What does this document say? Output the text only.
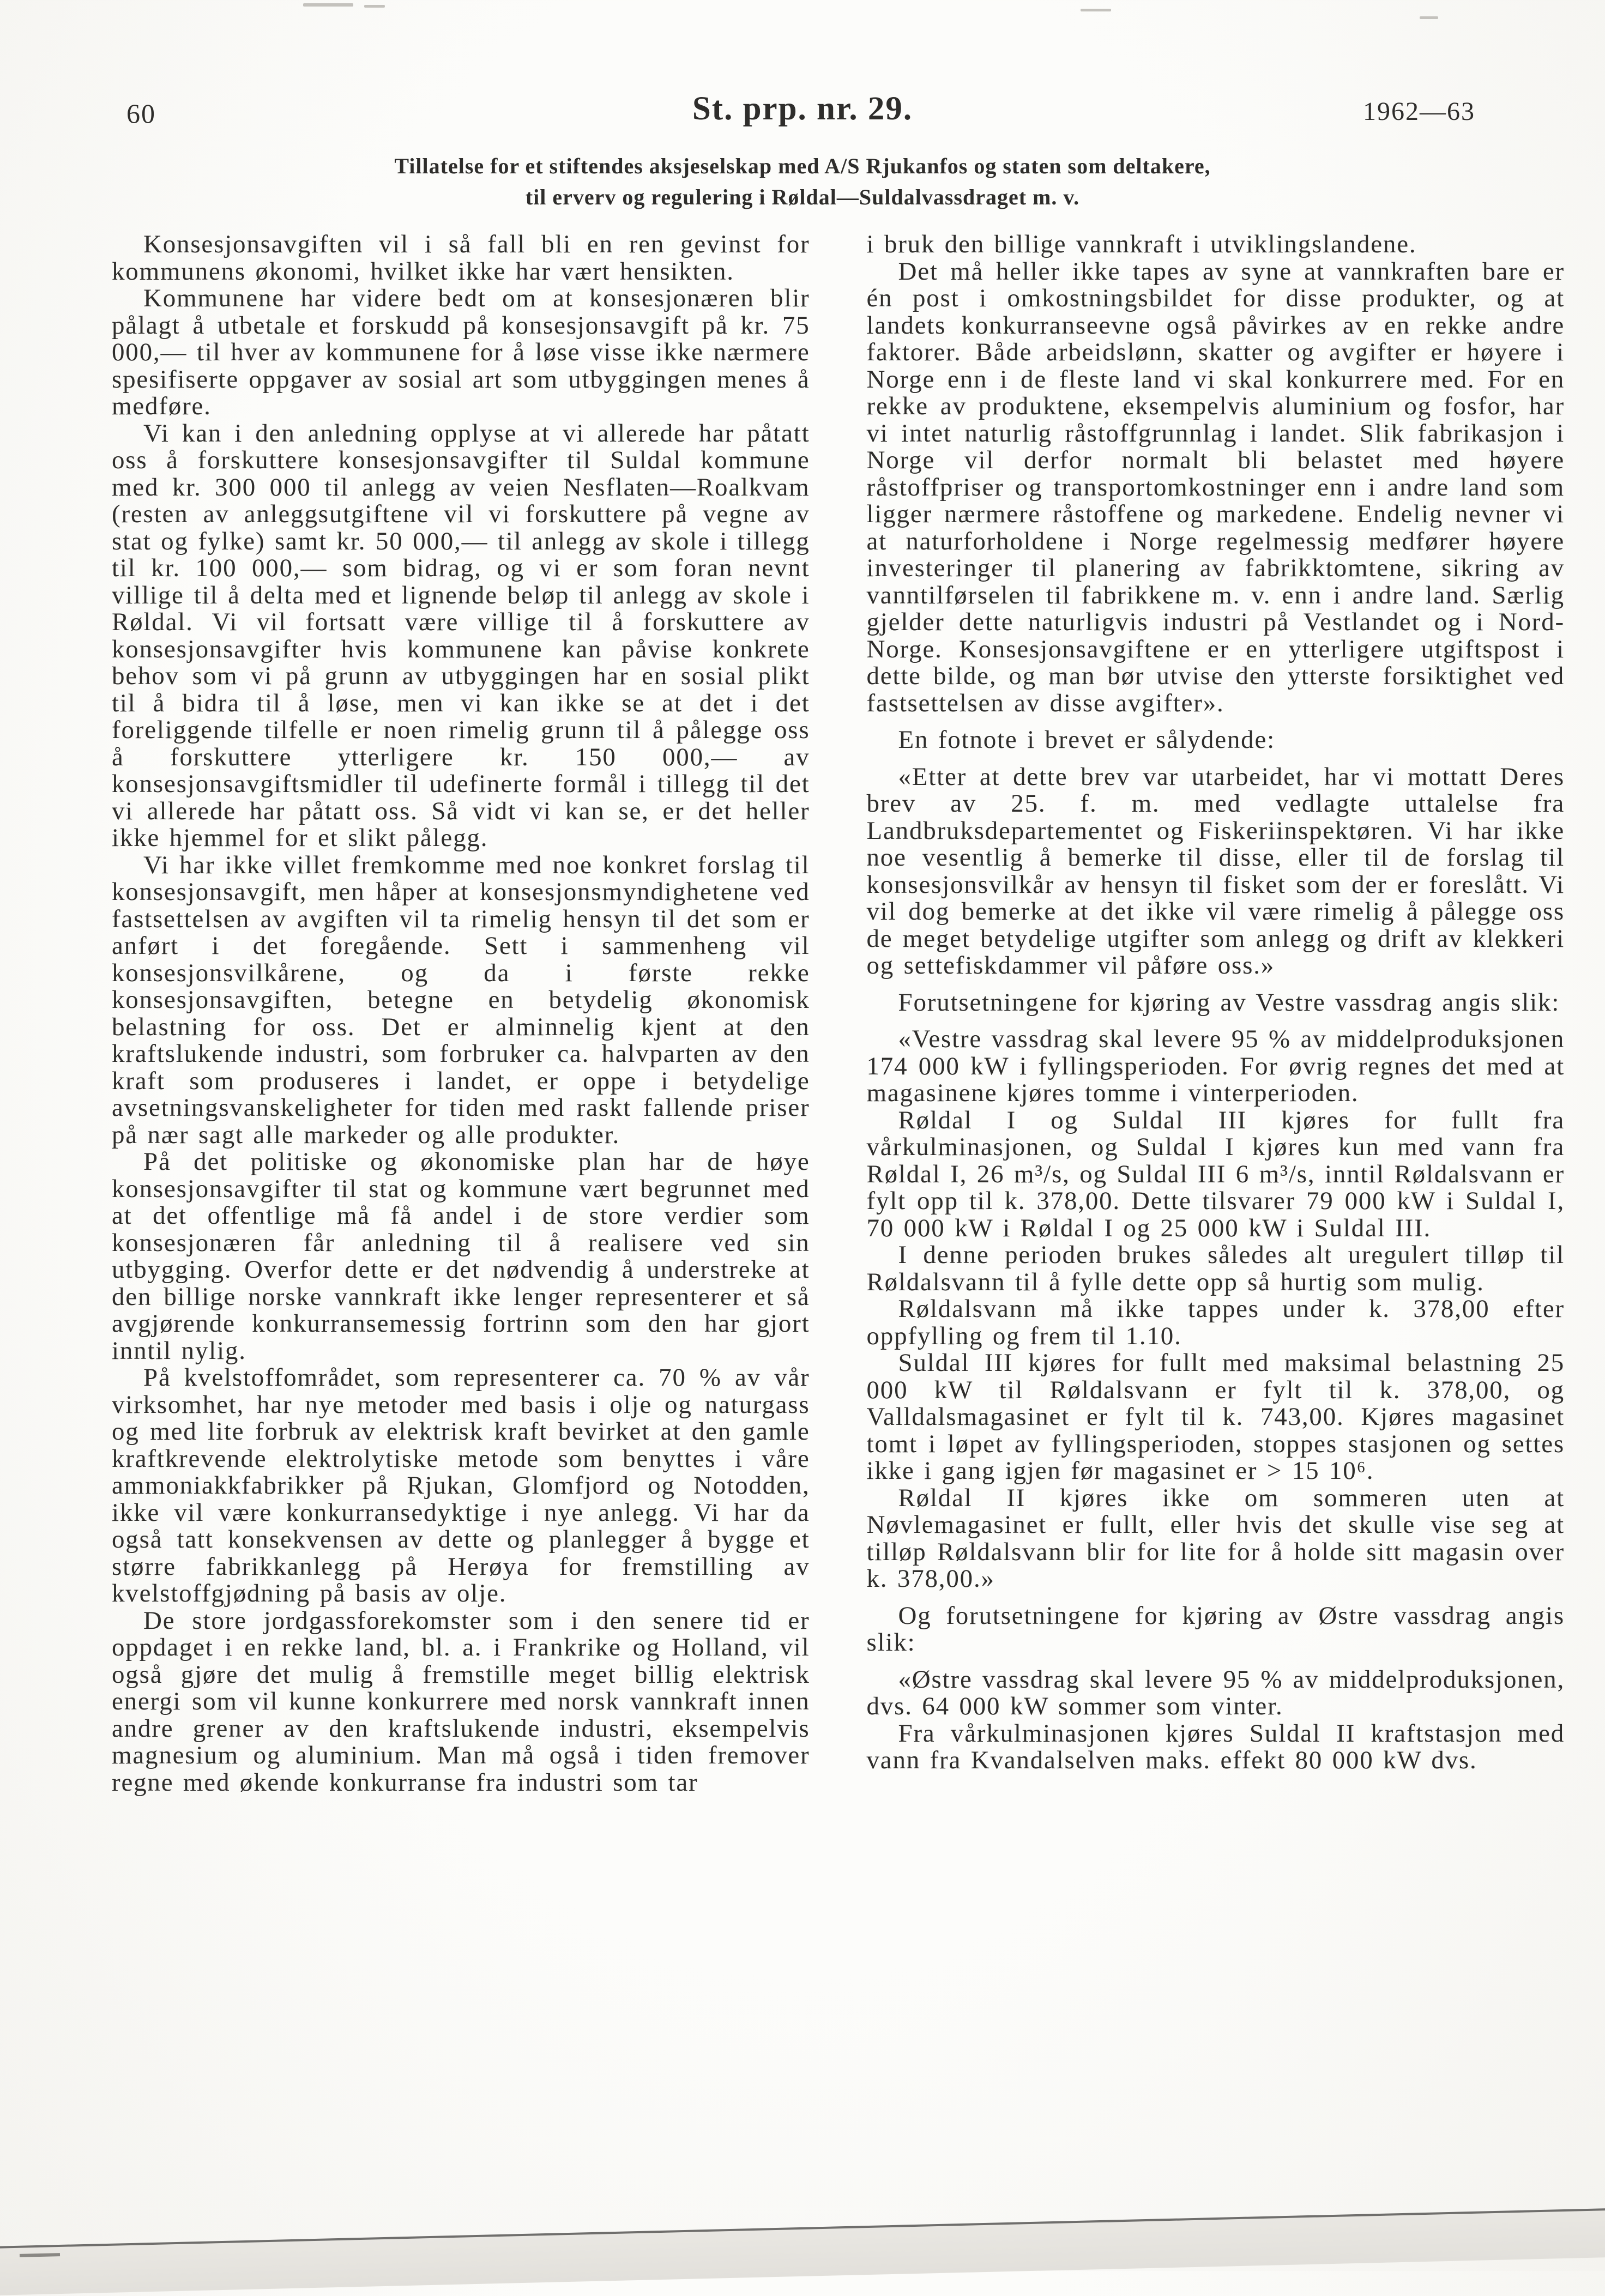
60	St. prp. nr. 29.	1962—63
Tillatelse for et stiftendes aksjeselskap med A/S Rjukanfos og staten som deltakere,
til erverv og regulering i Røldal—Suldalvassdraget m. v.

Konsesjonsavgiften vil i så fall bli en ren gevinst for kommunens økonomi, hvilket ikke har vært hensikten.

Kommunene har videre bedt om at konsesjonæren blir pålagt å utbetale et forskudd på konsesjonsavgift på kr. 75 000,— til hver av kommunene for å løse visse ikke nærmere spesifiserte oppgaver av sosial art som utbyggingen menes å medføre.

Vi kan i den anledning opplyse at vi allerede har påtatt oss å forskuttere konsesjonsavgifter til Suldal kommune med kr. 300 000 til anlegg av veien Nesflaten—Roalkvam (resten av anleggsutgiftene vil vi forskuttere på vegne av stat og fylke) samt kr. 50 000,— til anlegg av skole i tillegg til kr. 100 000,— som bidrag, og vi er som foran nevnt villige til å delta med et lignende beløp til anlegg av skole i Røldal. Vi vil fortsatt være villige til å forskuttere av konsesjonsavgifter hvis kommunene kan påvise konkrete behov som vi på grunn av utbyggingen har en sosial plikt til å bidra til å løse, men vi kan ikke se at det i det foreliggende tilfelle er noen rimelig grunn til å pålegge oss å forskuttere ytterligere kr. 150 000,— av konsesjonsavgiftsmidler til udefinerte formål i tillegg til det vi allerede har påtatt oss. Så vidt vi kan se, er det heller ikke hjemmel for et slikt pålegg.

Vi har ikke villet fremkomme med noe konkret forslag til konsesjonsavgift, men håper at konsesjonsmyndighetene ved fastsettelsen av avgiften vil ta rimelig hensyn til det som er anført i det foregående. Sett i sammenheng vil konsesjonsvilkårene, og da i første rekke konsesjonsavgiften, betegne en betydelig økonomisk belastning for oss. Det er alminnelig kjent at den kraftslukende industri, som forbruker ca. halvparten av den kraft som produseres i landet, er oppe i betydelige avsetningsvanskeligheter for tiden med raskt fallende priser på nær sagt alle markeder og alle produkter.

På det politiske og økonomiske plan har de høye konsesjonsavgifter til stat og kommune vært begrunnet med at det offentlige må få andel i de store verdier som konsesjonæren får anledning til å realisere ved sin utbygging. Overfor dette er det nødvendig å understreke at den billige norske vannkraft ikke lenger representerer et så avgjørende konkurransemessig fortrinn som den har gjort inntil nylig.

På kvelstoffområdet, som representerer ca. 70 % av vår virksomhet, har nye metoder med basis i olje og naturgass og med lite forbruk av elektrisk kraft bevirket at den gamle kraftkrevende elektrolytiske metode som benyttes i våre ammoniakkfabrikker på Rjukan, Glomfjord og Notodden, ikke vil være konkurransedyktige i nye anlegg. Vi har da også tatt konsekvensen av dette og planlegger å bygge et større fabrikkanlegg på Herøya for fremstilling av kvelstoffgjødning på basis av olje.

De store jordgassforekomster som i den senere tid er oppdaget i en rekke land, bl. a. i Frankrike og Holland, vil også gjøre det mulig å fremstille meget billig elektrisk energi som vil kunne konkurrere med norsk vannkraft innen andre grener av den kraftslukende industri, eksempelvis magnesium og aluminium. Man må også i tiden fremover regne med økende konkurranse fra industri som tar

i bruk den billige vannkraft i utviklingslandene.

Det må heller ikke tapes av syne at vannkraften bare er én post i omkostningsbildet for disse produkter, og at landets konkurranseevne også påvirkes av en rekke andre faktorer. Både arbeidslønn, skatter og avgifter er høyere i Norge enn i de fleste land vi skal konkurrere med. For en rekke av produktene, eksempelvis aluminium og fosfor, har vi intet naturlig råstoffgrunnlag i landet. Slik fabrikasjon i Norge vil derfor normalt bli belastet med høyere råstoffpriser og transportomkostninger enn i andre land som ligger nærmere råstoffene og markedene. Endelig nevner vi at naturforholdene i Norge regelmessig medfører høyere investeringer til planering av fabrikktomtene, sikring av vanntilførselen til fabrikkene m. v. enn i andre land. Særlig gjelder dette naturligvis industri på Vestlandet og i Nord-Norge. Konsesjonsavgiftene er en ytterligere utgiftspost i dette bilde, og man bør utvise den ytterste forsiktighet ved fastsettelsen av disse avgifter».

En fotnote i brevet er sålydende:

«Etter at dette brev var utarbeidet, har vi mottatt Deres brev av 25. f. m. med vedlagte uttalelse fra Landbruksdepartementet og Fiskeriinspektøren. Vi har ikke noe vesentlig å bemerke til disse, eller til de forslag til konsesjonsvilkår av hensyn til fisket som der er foreslått. Vi vil dog bemerke at det ikke vil være rimelig å pålegge oss de meget betydelige utgifter som anlegg og drift av klekkeri og settefiskdammer vil påføre oss.»

Forutsetningene for kjøring av Vestre vassdrag angis slik:

«Vestre vassdrag skal levere 95 % av middelproduksjonen 174 000 kW i fyllingsperioden. For øvrig regnes det med at magasinene kjøres tomme i vinterperioden.

Røldal I og Suldal III kjøres for fullt fra vårkulminasjonen, og Suldal I kjøres kun med vann fra Røldal I, 26 m³/s, og Suldal III 6 m³/s, inntil Røldalsvann er fylt opp til k. 378,00. Dette tilsvarer 79 000 kW i Suldal I, 70 000 kW i Røldal I og 25 000 kW i Suldal III.

I denne perioden brukes således alt uregulert tilløp til Røldalsvann til å fylle dette opp så hurtig som mulig.

Røldalsvann må ikke tappes under k. 378,00 efter oppfylling og frem til 1.10.

Suldal III kjøres for fullt med maksimal belastning 25 000 kW til Røldalsvann er fylt til k. 378,00, og Valldalsmagasinet er fylt til k. 743,00. Kjøres magasinet tomt i løpet av fyllingsperioden, stoppes stasjonen og settes ikke i gang igjen før magasinet er > 15 10⁶.

Røldal II kjøres ikke om sommeren uten at Nøvlemagasinet er fullt, eller hvis det skulle vise seg at tilløp Røldalsvann blir for lite for å holde sitt magasin over k. 378,00.»

Og forutsetningene for kjøring av Østre vassdrag angis slik:

«Østre vassdrag skal levere 95 % av middelproduksjonen, dvs. 64 000 kW sommer som vinter.

Fra vårkulminasjonen kjøres Suldal II kraftstasjon med vann fra Kvandalselven maks. effekt 80 000 kW dvs.
